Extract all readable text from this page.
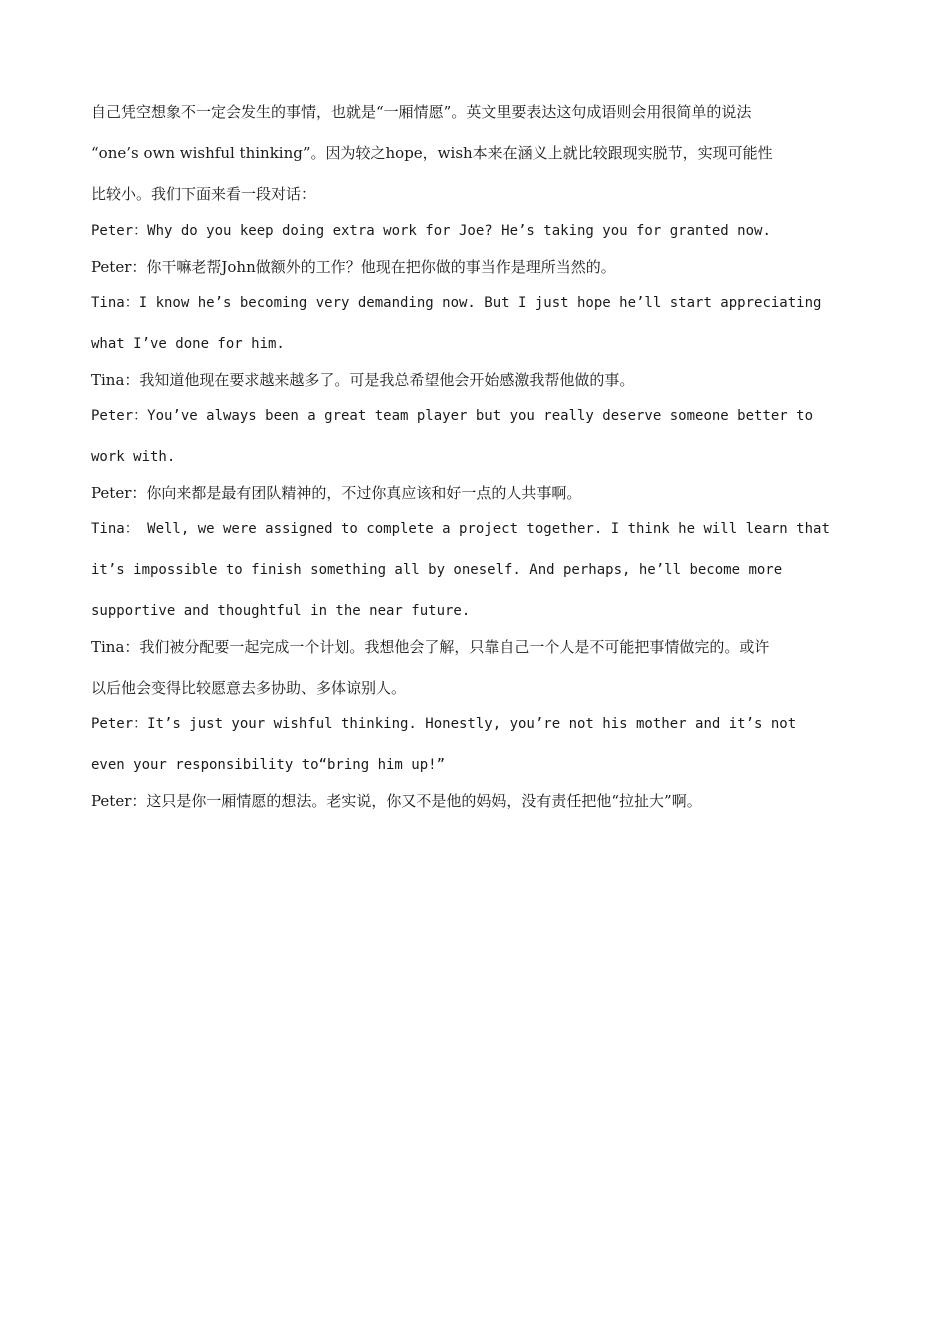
自己凭空想象不一定会发生的事情，也就是“一厢情愿”。英文里要表达这句成语则会用很简单的说法
“one’s own wishful thinking”。因为较之hope，wish本来在涵义上就比较跟现实脱节，实现可能性
比较小。我们下面来看一段对话：
Peter：Why do you keep doing extra work for Joe? He’s taking you for granted now.
Peter：你干嘛老帮John做额外的工作？他现在把你做的事当作是理所当然的。
Tina：I know he’s becoming very demanding now. But I just hope he’ll start appreciating
what I’ve done for him.
Tina：我知道他现在要求越来越多了。可是我总希望他会开始感激我帮他做的事。
Peter：You’ve always been a great team player but you really deserve someone better to
work with.
Peter：你向来都是最有团队精神的，不过你真应该和好一点的人共事啊。
Tina： Well, we were assigned to complete a project together. I think he will learn that
it’s impossible to finish something all by oneself. And perhaps, he’ll become more
supportive and thoughtful in the near future.
Tina：我们被分配要一起完成一个计划。我想他会了解，只靠自己一个人是不可能把事情做完的。或许
以后他会变得比较愿意去多协助、多体谅别人。
Peter：It’s just your wishful thinking. Honestly, you’re not his mother and it’s not
even your responsibility to“bring him up!”
Peter：这只是你一厢情愿的想法。老实说，你又不是他的妈妈，没有责任把他“拉扯大”啊。
